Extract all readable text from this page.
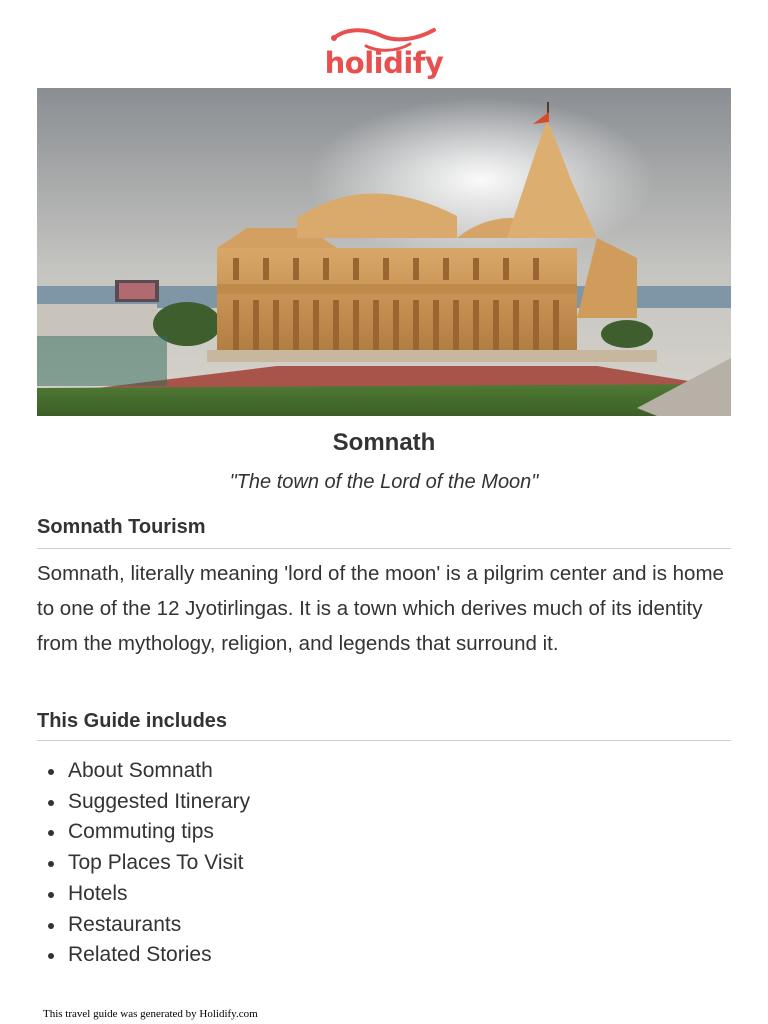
holidify
Somnath
"The town of the Lord of the Moon"
Somnath Tourism
Somnath, literally meaning 'lord of the moon' is a pilgrim center and is home to one of the 12 Jyotirlingas. It is a town which derives much of its identity from the mythology, religion, and legends that surround it.
This Guide includes
About Somnath
Suggested Itinerary
Commuting tips
Top Places To Visit
Hotels
Restaurants
Related Stories
This travel guide was generated by Holidify.com
